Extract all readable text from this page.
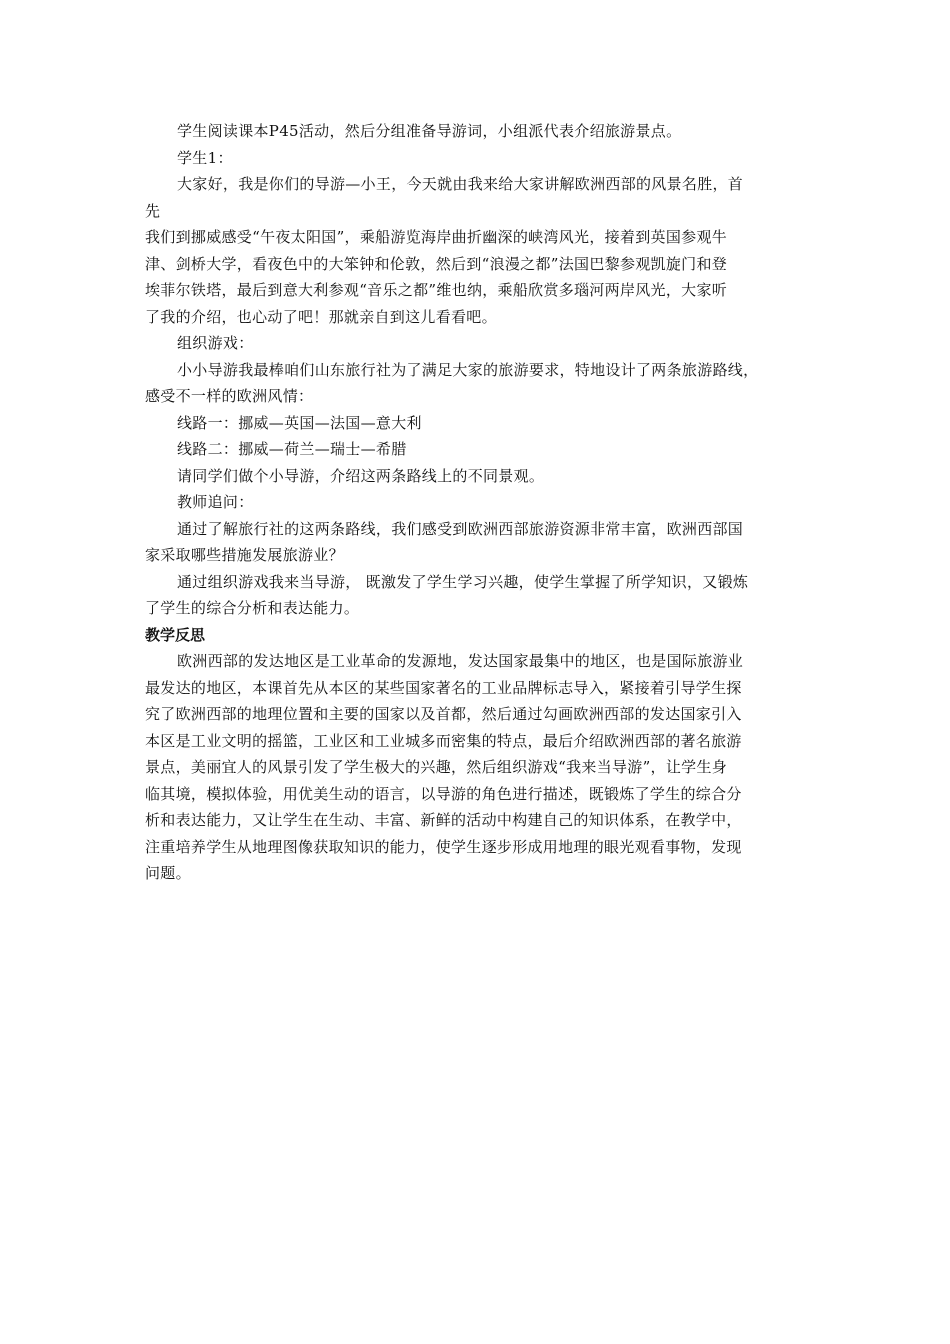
学生阅读课本P45活动，然后分组准备导游词，小组派代表介绍旅游景点。
学生1：
大家好，我是你们的导游—小王，今天就由我来给大家讲解欧洲西部的风景名胜，首
先
我们到挪威感受“午夜太阳国”，乘船游览海岸曲折幽深的峡湾风光，接着到英国参观牛
津、剑桥大学，看夜色中的大笨钟和伦敦，然后到“浪漫之都”法国巴黎参观凯旋门和登
埃菲尔铁塔，最后到意大利参观“音乐之都”维也纳，乘船欣赏多瑙河两岸风光，大家听
了我的介绍，也心动了吧！那就亲自到这儿看看吧。
组织游戏：
小小导游我最棒咱们山东旅行社为了满足大家的旅游要求，特地设计了两条旅游路线，
感受不一样的欧洲风情：
线路一：挪威—英国—法国—意大利
线路二：挪威—荷兰—瑞士—希腊
请同学们做个小导游，介绍这两条路线上的不同景观。
教师追问：
通过了解旅行社的这两条路线，我们感受到欧洲西部旅游资源非常丰富，欧洲西部国
家采取哪些措施发展旅游业？
通过组织游戏我来当导游， 既激发了学生学习兴趣，使学生掌握了所学知识，又锻炼
了学生的综合分析和表达能力。
教学反思
欧洲西部的发达地区是工业革命的发源地，发达国家最集中的地区，也是国际旅游业
最发达的地区，本课首先从本区的某些国家著名的工业品牌标志导入，紧接着引导学生探
究了欧洲西部的地理位置和主要的国家以及首都，然后通过勾画欧洲西部的发达国家引入
本区是工业文明的摇篮，工业区和工业城多而密集的特点，最后介绍欧洲西部的著名旅游
景点，美丽宜人的风景引发了学生极大的兴趣，然后组织游戏“我来当导游”，让学生身
临其境，模拟体验，用优美生动的语言，以导游的角色进行描述，既锻炼了学生的综合分
析和表达能力，又让学生在生动、丰富、新鲜的活动中构建自己的知识体系，在教学中，
注重培养学生从地理图像获取知识的能力，使学生逐步形成用地理的眼光观看事物，发现
问题。
